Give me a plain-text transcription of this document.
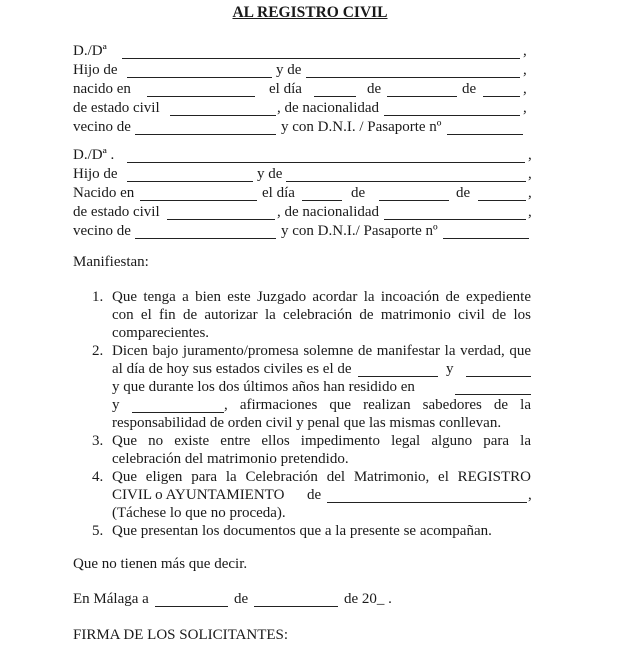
AL REGISTRO CIVIL
D./Dª	,
Hijo de	y de	,
nacido en	el día	de	de	,
de estado civil	, de nacionalidad	,
vecino de	y con D.N.I. / Pasaporte nº
D./Dª .	,
Hijo de	y de	,
Nacido en	el día	de	de	,
de estado civil	, de nacionalidad	,
vecino de	y con D.N.I./ Pasaporte nº
Manifiestan:
1. Que tenga a bien este Juzgado acordar la incoación de expediente
con el fin de autorizar la celebración de matrimonio civil de los
comparecientes.
2. Dicen bajo juramento/promesa solemne de manifestar la verdad, que
al día de hoy sus estados civiles es el de	y
y que durante los dos últimos años han residido en
y	, afirmaciones que realizan sabedores de la
responsabilidad de orden civil y penal que las mismas conllevan.
3. Que no existe entre ellos impedimento legal alguno para la
celebración del matrimonio pretendido.
4. Que eligen para la Celebración del Matrimonio, el REGISTRO
CIVIL o AYUNTAMIENTO de	,
(Táchese lo que no proceda).
5. Que presentan los documentos que a la presente se acompañan.
Que no tienen más que decir.
En Málaga a	de	de 20_ .
FIRMA DE LOS SOLICITANTES:
